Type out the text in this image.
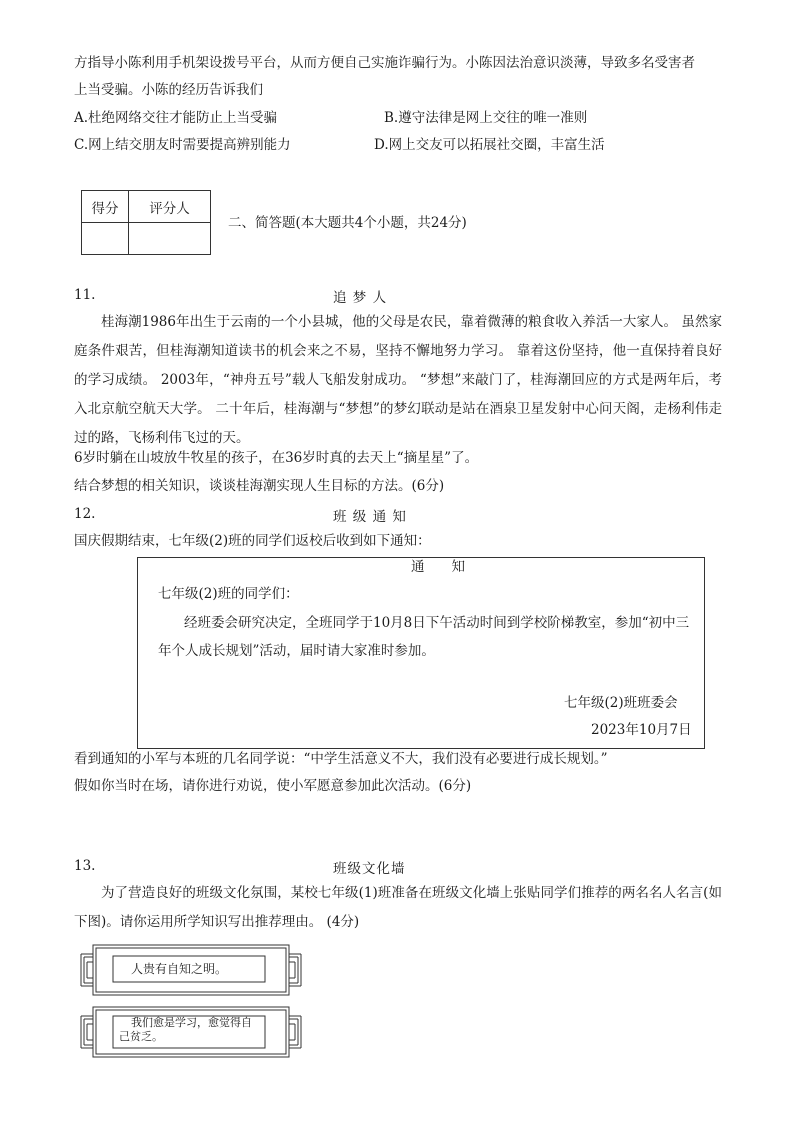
方指导小陈利用手机架设拨号平台，从而方便自己实施诈骗行为。小陈因法治意识淡薄，导致多名受害者
上当受骗。小陈的经历告诉我们
A.杜绝网络交往才能防止上当受骗	B.遵守法律是网上交往的唯一准则
C.网上结交朋友时需要提高辨别能力	D.网上交友可以拓展社交圈，丰富生活
得分	评分人

二、简答题(本大题共4个小题，共24分)
11.	追 梦 人

桂海潮1986年出生于云南的一个小县城，他的父母是农民，靠着微薄的粮食收入养活一大家人。 虽然家庭条件艰苦，但桂海潮知道读书的机会来之不易，坚持不懈地努力学习。 靠着这份坚持，他一直保持着良好的学习成绩。 2003年，“神舟五号”载人飞船发射成功。 “梦想”来敲门了，桂海潮回应的方式是两年后，考入北京航空航天大学。 二十年后，桂海潮与“梦想”的梦幻联动是站在酒泉卫星发射中心问天阁，走杨利伟走过的路，飞杨利伟飞过的天。

6岁时躺在山坡放牛牧星的孩子，在36岁时真的去天上“摘星星”了。
结合梦想的相关知识，谈谈桂海潮实现人生目标的方法。(6分)
12.	班 级 通 知
国庆假期结束，七年级(2)班的同学们返校后收到如下通知：
通　　知
七年级(2)班的同学们：
经班委会研究决定，全班同学于10月8日下午活动时间到学校阶梯教室，参加“初中三
年个人成长规划”活动，届时请大家准时参加。
七年级(2)班班委会
2023年10月7日
看到通知的小军与本班的几名同学说：“中学生活意义不大，我们没有必要进行成长规划。”
假如你当时在场，请你进行劝说，使小军愿意参加此次活动。(6分)
13.	班级文化墙

为了营造良好的班级文化氛围，某校七年级(1)班准备在班级文化墙上张贴同学们推荐的两名名人名言(如下图)。请你运用所学知识写出推荐理由。 (4分)

人贵有自知之明。
我们愈是学习，愈觉得自
己贫乏。
